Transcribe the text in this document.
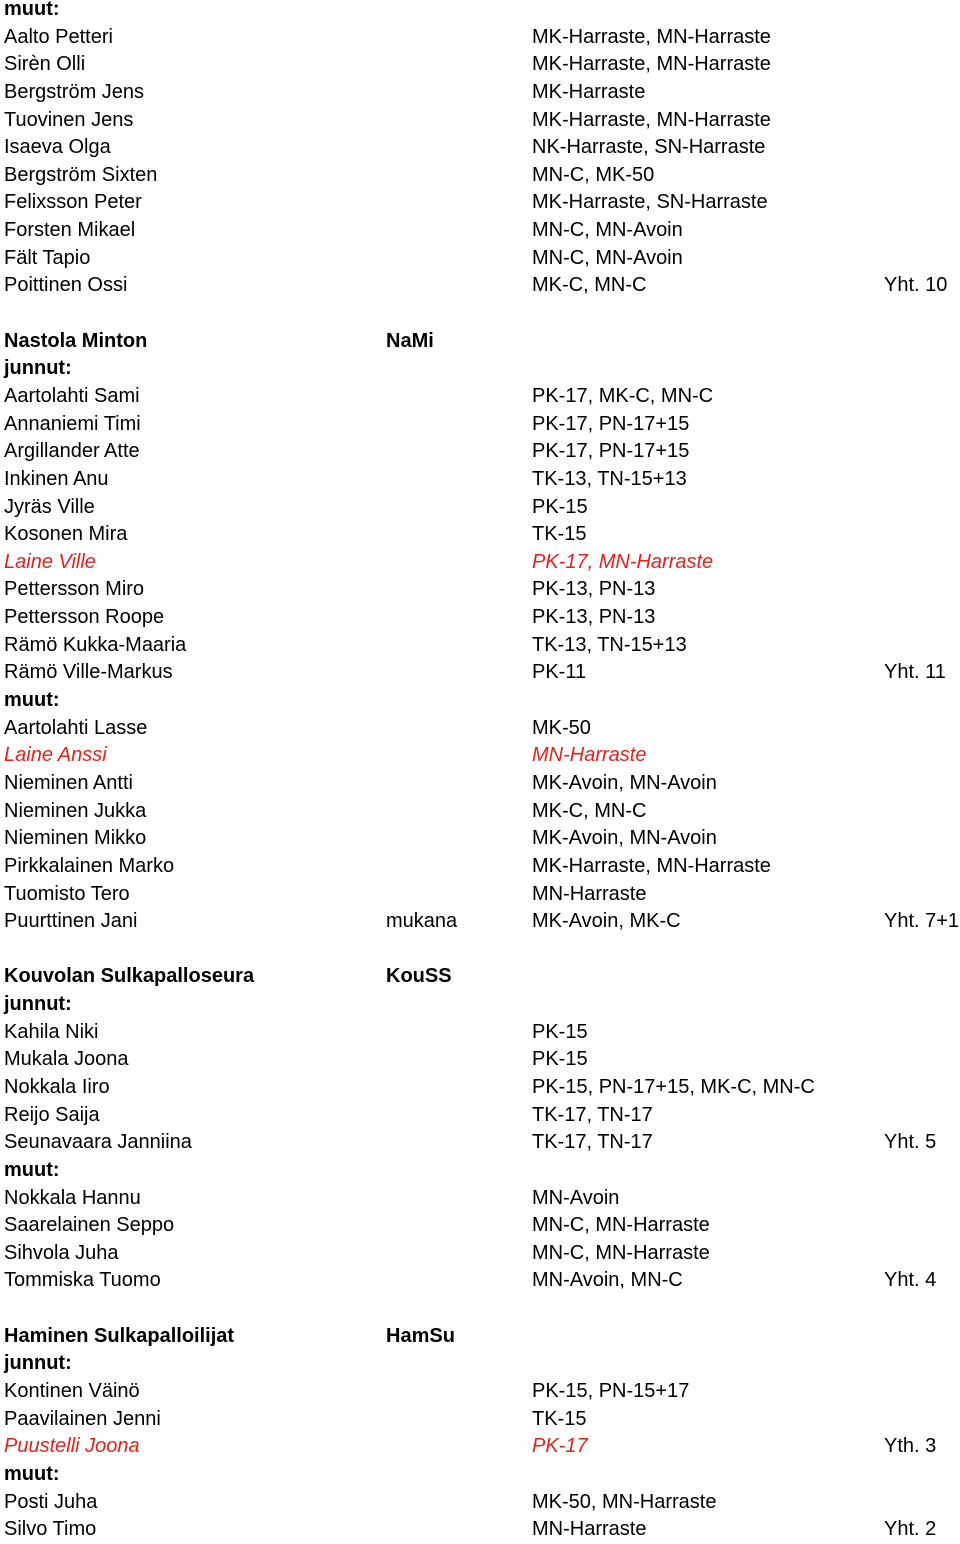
muut:
Aalto Petteri	MK-Harraste, MN-Harraste
Sirèn Olli	MK-Harraste, MN-Harraste
Bergström Jens	MK-Harraste
Tuovinen Jens	MK-Harraste, MN-Harraste
Isaeva Olga	NK-Harraste, SN-Harraste
Bergström Sixten	MN-C, MK-50
Felixsson Peter	MK-Harraste, SN-Harraste
Forsten Mikael	MN-C, MN-Avoin
Fält Tapio	MN-C, MN-Avoin
Poittinen Ossi	MK-C, MN-C	Yht. 10
Nastola Minton	NaMi
junnut:
Aartolahti Sami	PK-17, MK-C, MN-C
Annaniemi Timi	PK-17, PN-17+15
Argillander Atte	PK-17, PN-17+15
Inkinen Anu	TK-13, TN-15+13
Jyräs Ville	PK-15
Kosonen Mira	TK-15
Laine Ville	PK-17, MN-Harraste
Pettersson Miro	PK-13, PN-13
Pettersson Roope	PK-13, PN-13
Rämö Kukka-Maaria	TK-13, TN-15+13
Rämö Ville-Markus	PK-11	Yht. 11
muut:
Aartolahti Lasse	MK-50
Laine Anssi	MN-Harraste
Nieminen Antti	MK-Avoin, MN-Avoin
Nieminen Jukka	MK-C, MN-C
Nieminen Mikko	MK-Avoin, MN-Avoin
Pirkkalainen Marko	MK-Harraste, MN-Harraste
Tuomisto Tero	MN-Harraste
Puurttinen Jani	mukana	MK-Avoin, MK-C	Yht. 7+1
Kouvolan Sulkapalloseura	KouSS
junnut:
Kahila Niki	PK-15
Mukala Joona	PK-15
Nokkala Iiro	PK-15, PN-17+15, MK-C, MN-C
Reijo Saija	TK-17, TN-17
Seunavaara Janniina	TK-17, TN-17	Yht. 5
muut:
Nokkala Hannu	MN-Avoin
Saarelainen Seppo	MN-C, MN-Harraste
Sihvola Juha	MN-C, MN-Harraste
Tommiska Tuomo	MN-Avoin, MN-C	Yht. 4
Haminen Sulkapalloilijat	HamSu
junnut:
Kontinen Väinö	PK-15, PN-15+17
Paavilainen Jenni	TK-15
Puustelli Joona	PK-17	Yth. 3
muut:
Posti Juha	MK-50, MN-Harraste
Silvo Timo	MN-Harraste	Yht. 2
